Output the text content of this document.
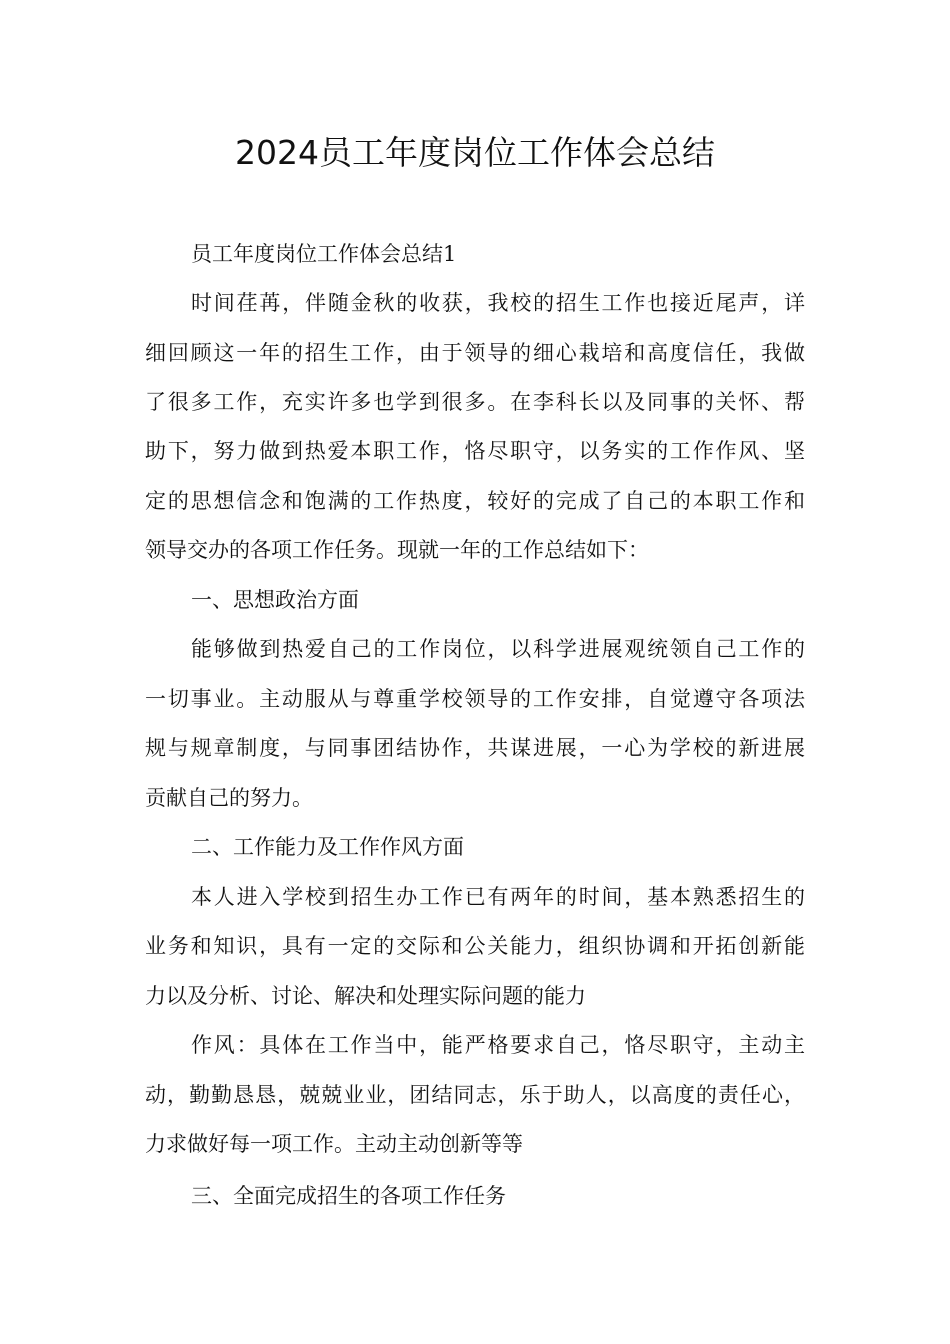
2024员工年度岗位工作体会总结

员工年度岗位工作体会总结1

时间荏苒，伴随金秋的收获，我校的招生工作也接近尾声，详

细回顾这一年的招生工作，由于领导的细心栽培和高度信任，我做

了很多工作，充实许多也学到很多。在李科长以及同事的关怀、帮

助下，努力做到热爱本职工作，恪尽职守，以务实的工作作风、坚

定的思想信念和饱满的工作热度，较好的完成了自己的本职工作和

领导交办的各项工作任务。现就一年的工作总结如下：

一、思想政治方面

能够做到热爱自己的工作岗位，以科学进展观统领自己工作的

一切事业。主动服从与尊重学校领导的工作安排，自觉遵守各项法

规与规章制度，与同事团结协作，共谋进展，一心为学校的新进展

贡献自己的努力。

二、工作能力及工作作风方面

本人进入学校到招生办工作已有两年的时间，基本熟悉招生的

业务和知识，具有一定的交际和公关能力，组织协调和开拓创新能

力以及分析、讨论、解决和处理实际问题的能力

作风：具体在工作当中，能严格要求自己，恪尽职守，主动主

动，勤勤恳恳，兢兢业业，团结同志，乐于助人，以高度的责任心，

力求做好每一项工作。主动主动创新等等

三、全面完成招生的各项工作任务
